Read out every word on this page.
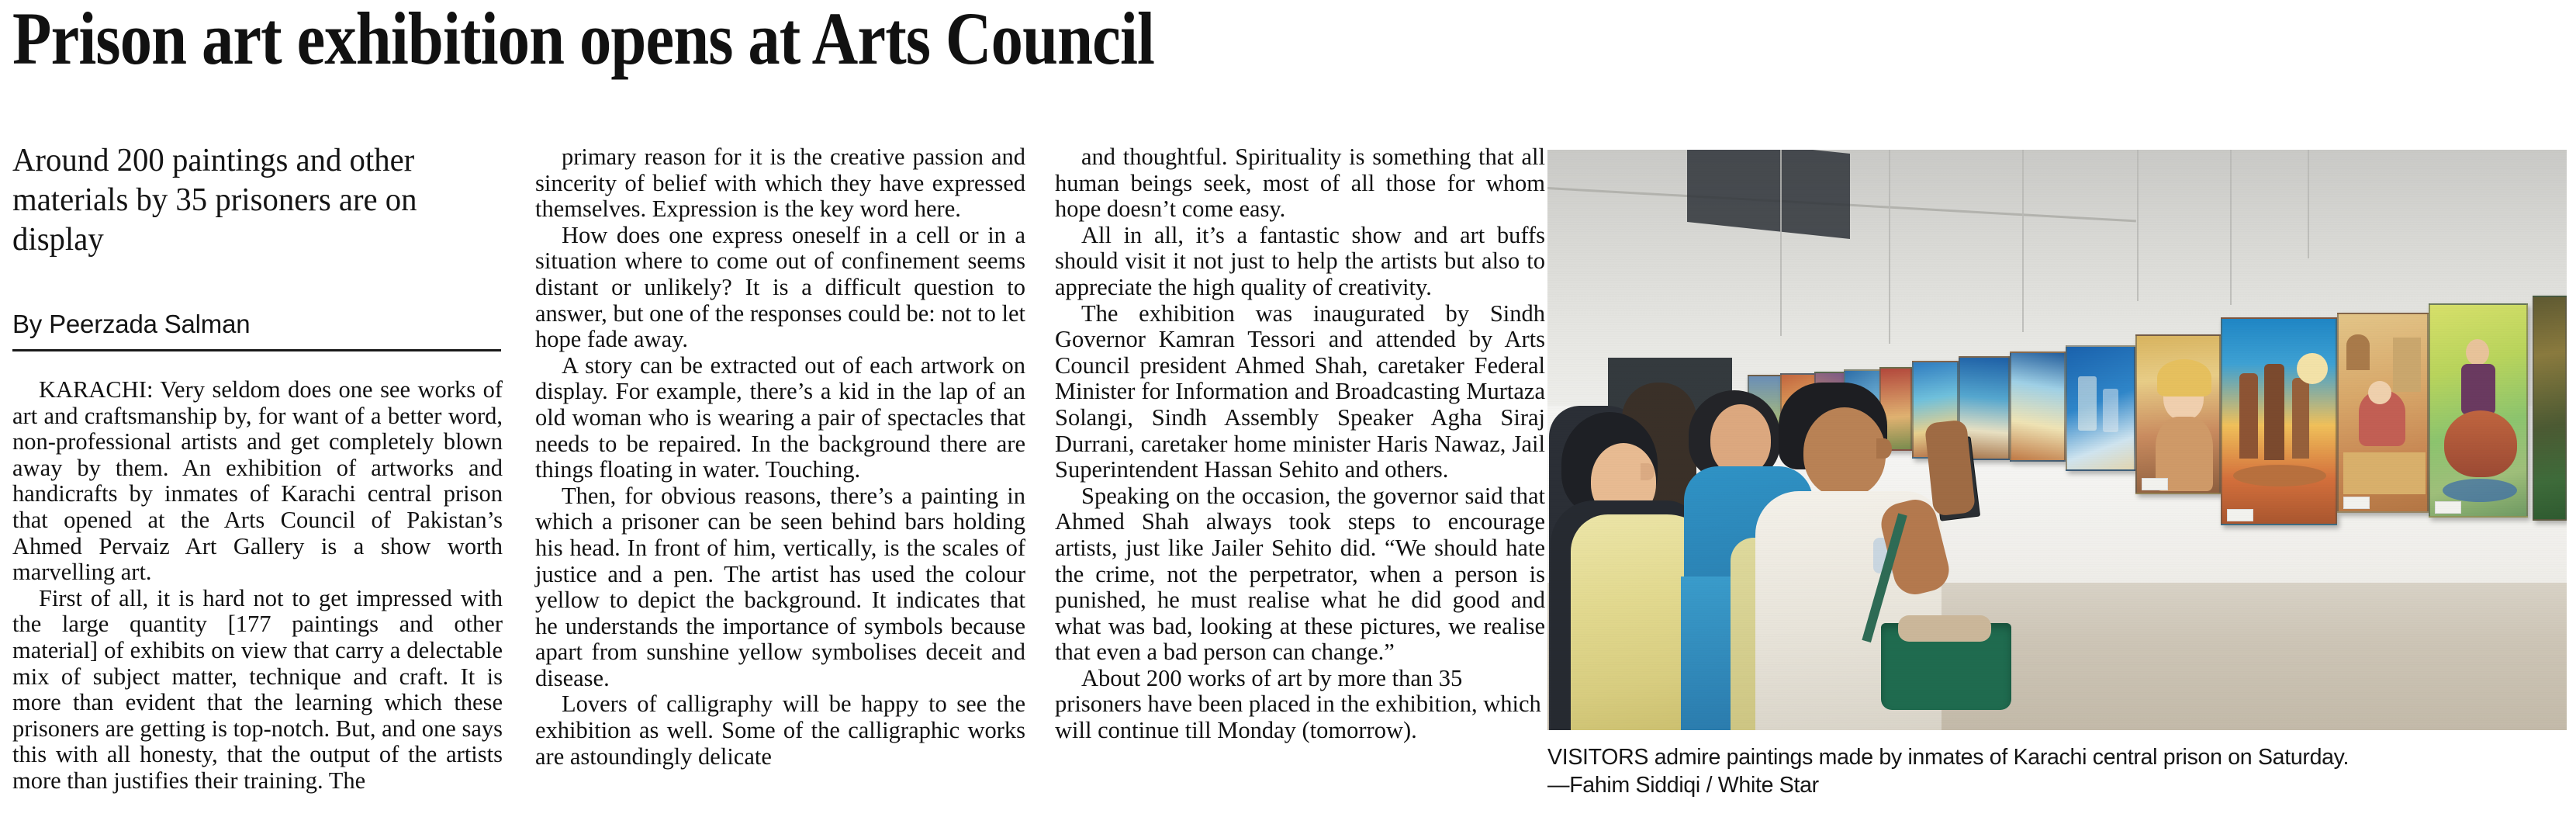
Prison art exhibition opens at Arts Council
Around 200 paintings and other materials by 35 prisoners are on display
By Peerzada Salman

KARACHI: Very seldom does one see works of art and craftsmanship by, for want of a better word, non-professional artists and get completely blown away by them. An exhibition of artworks and handicrafts by inmates of Karachi central prison that opened at the Arts Council of Pakistan’s Ahmed Pervaiz Art Gallery is a show worth marvelling art.

First of all, it is hard not to get impressed with the large quantity [177 paintings and other material] of exhibits on view that carry a delectable mix of subject matter, technique and craft. It is more than evident that the learning which these prisoners are getting is top-notch. But, and one says this with all honesty, that the output of the artists more than justifies their training. The

primary reason for it is the creative passion and sincerity of belief with which they have expressed themselves. Expression is the key word here.

How does one express oneself in a cell or in a situation where to come out of confinement seems distant or unlikely? It is a difficult question to answer, but one of the responses could be: not to let hope fade away.

A story can be extracted out of each artwork on display. For example, there’s a kid in the lap of an old woman who is wearing a pair of spectacles that needs to be repaired. In the background there are things floating in water. Touching.

Then, for obvious reasons, there’s a painting in which a prisoner can be seen behind bars holding his head. In front of him, vertically, is the scales of justice and a pen. The artist has used the colour yellow to depict the background. It indicates that he understands the importance of symbols because apart from sunshine yellow symbolises deceit and disease.

Lovers of calligraphy will be happy to see the exhibition as well. Some of the calligraphic works are astoundingly delicate

and thoughtful. Spirituality is something that all human beings seek, most of all those for whom hope doesn’t come easy.

All in all, it’s a fantastic show and art buffs should visit it not just to help the artists but also to appreciate the high quality of creativity.

The exhibition was inaugurated by Sindh Governor Kamran Tessori and attended by Arts Council president Ahmed Shah, caretaker Federal Minister for Information and Broadcasting Murtaza Solangi, Sindh Assembly Speaker Agha Siraj Durrani, caretaker home minister Haris Nawaz, Jail Superintendent Hassan Sehito and others.

Speaking on the occasion, the governor said that Ahmed Shah always took steps to encourage artists, just like Jailer Sehito did. “We should hate the crime, not the perpetrator, when a person is punished, he must realise what he did good and what was bad, looking at these pictures, we realise that even a bad person can change.”

About 200 works of art by more than 35 prisoners have been placed in the exhibition, which will continue till Monday (tomorrow).

VISITORS admire paintings made by inmates of Karachi central prison on Saturday.
—Fahim Siddiqi / White Star
